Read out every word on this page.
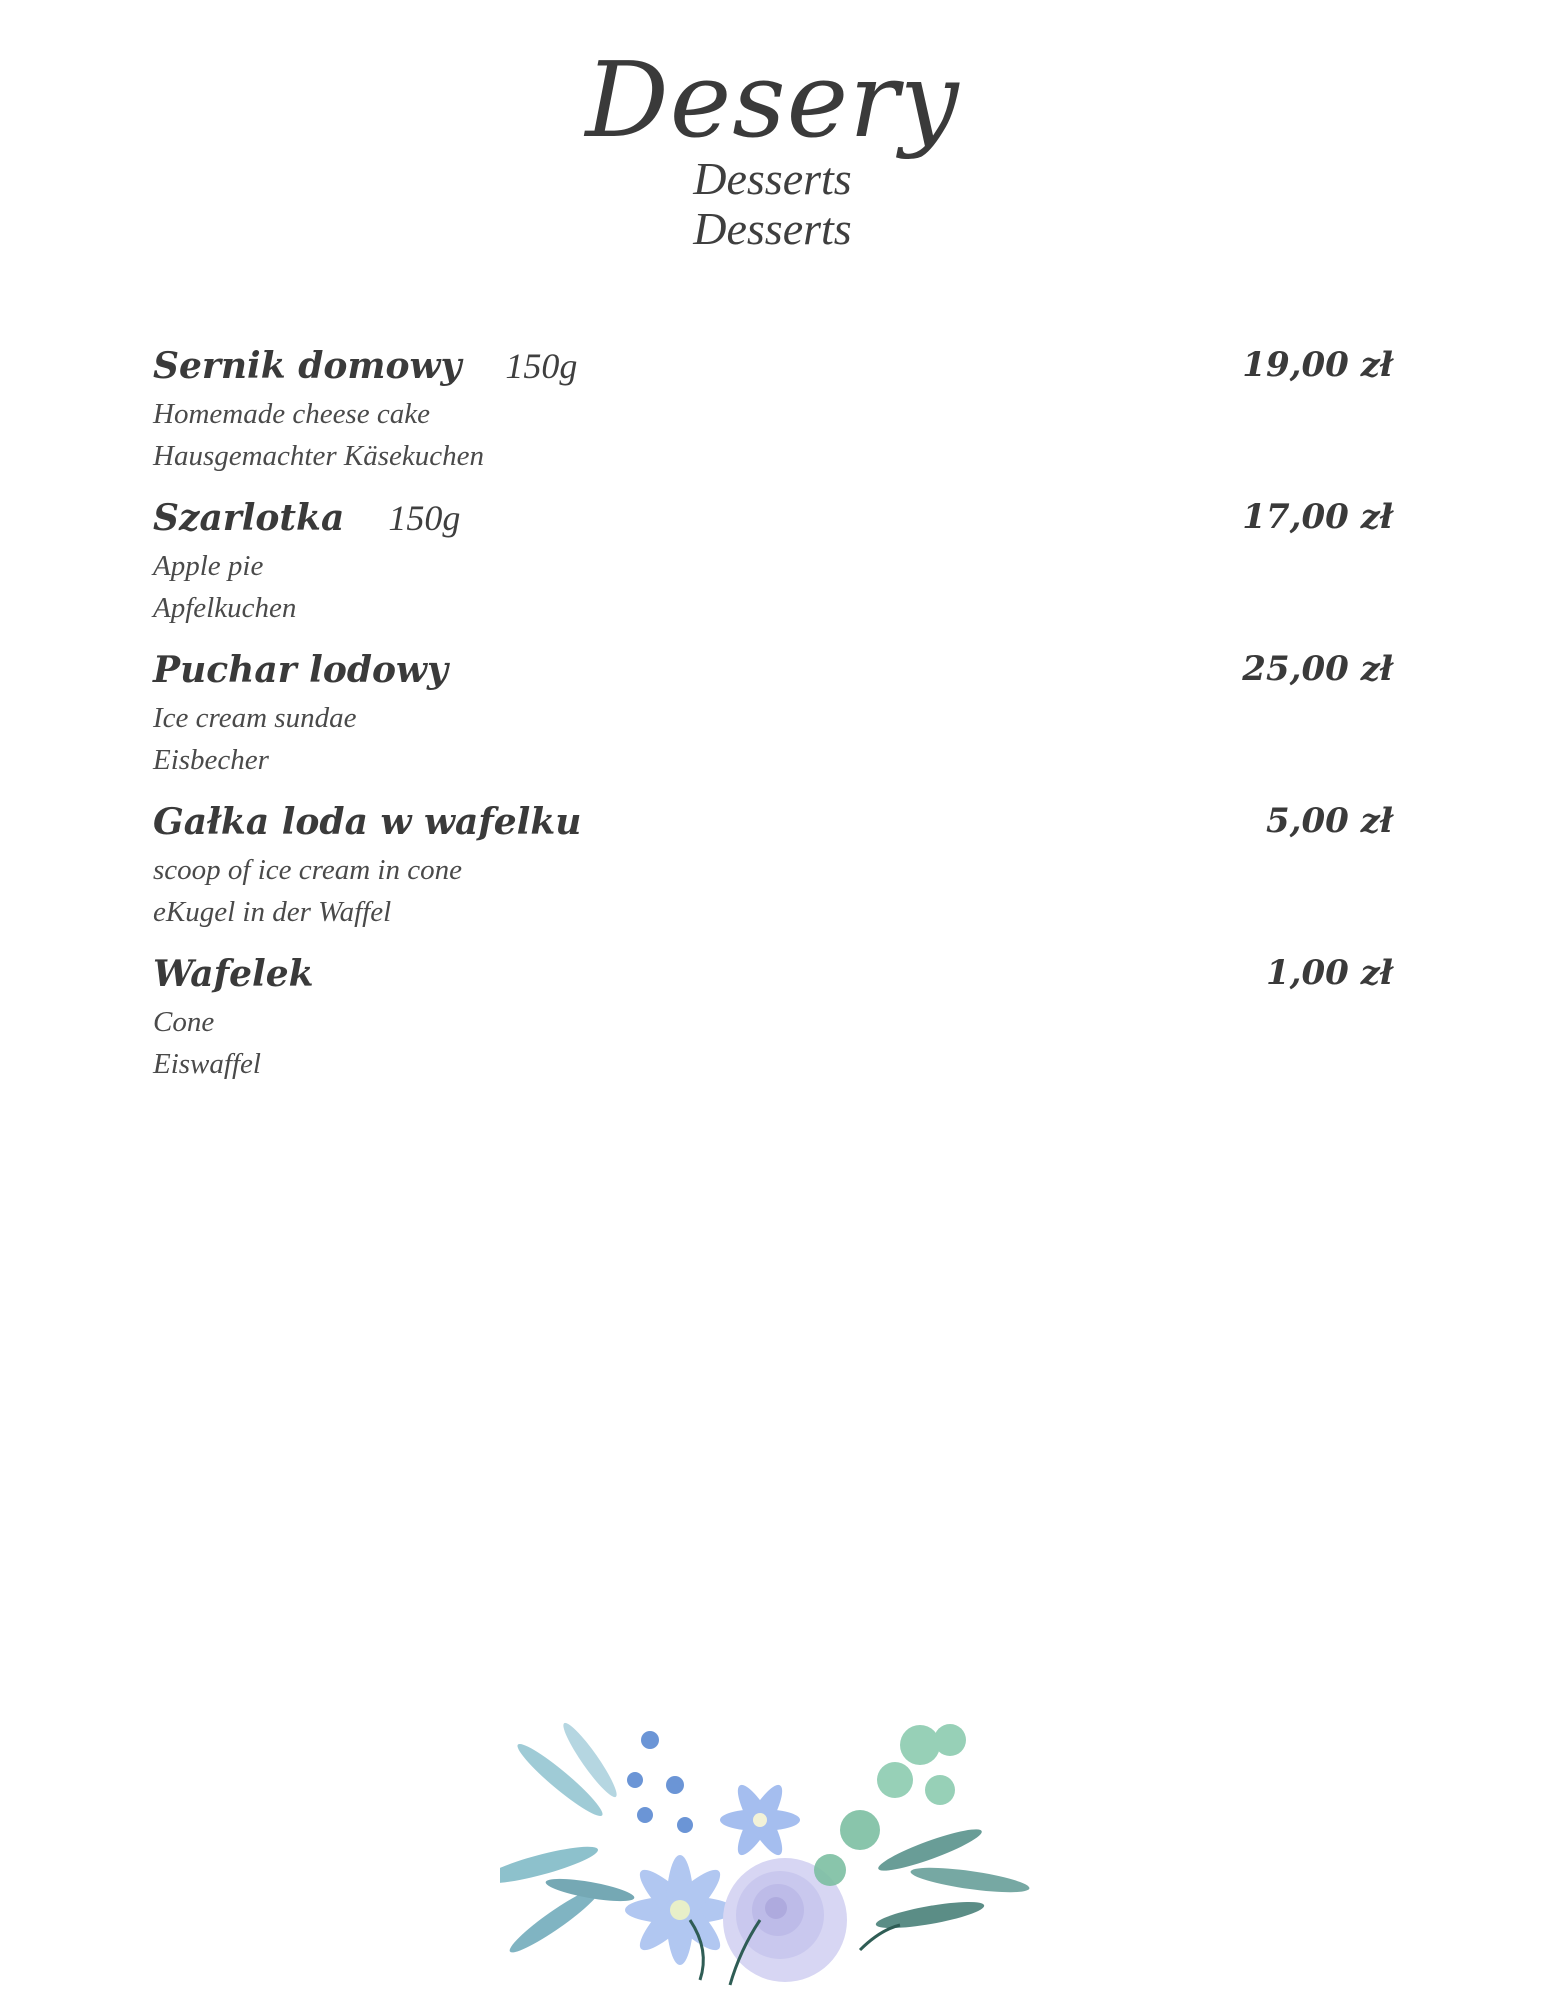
Desery

Desserts

Desserts

Sernik domowy 150g	19,00 zł
Homemade cheese cake
Hausgemachter Käsekuchen
Szarlotka 150g	17,00 zł
Apple pie
Apfelkuchen
Puchar lodowy	25,00 zł
Ice cream sundae
Eisbecher
Gałka loda w wafelku	5,00 zł
scoop of ice cream in cone
eKugel in der Waffel
Wafelek	1,00 zł
Cone
Eiswaffel
